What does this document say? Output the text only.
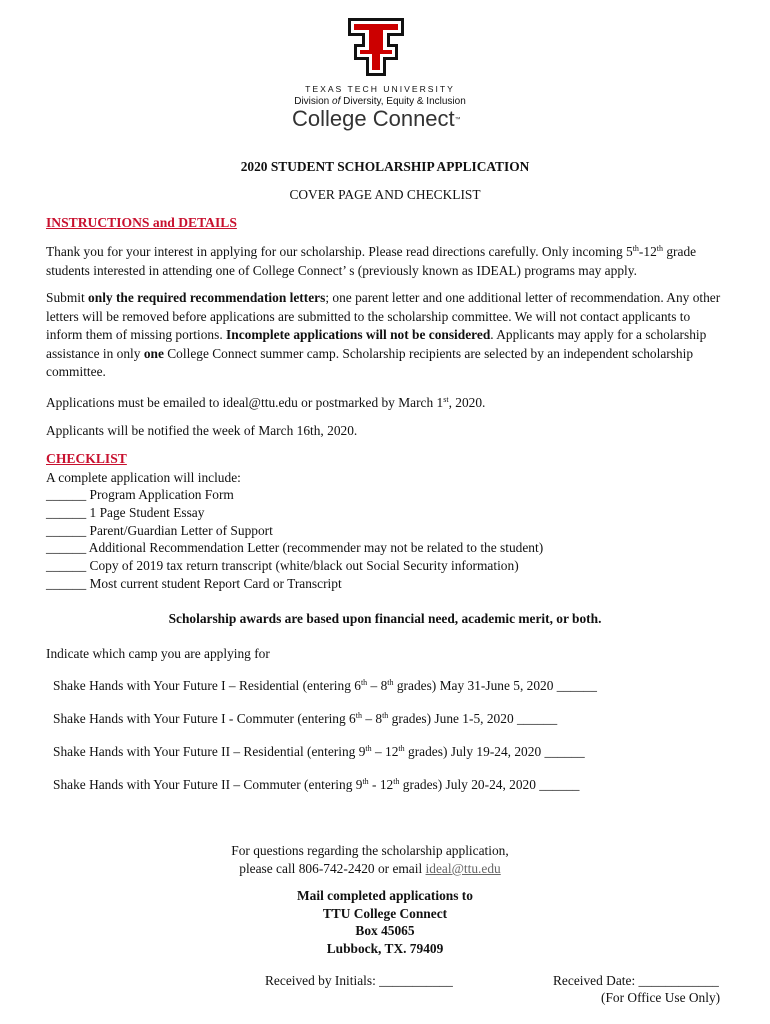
TEXAS TECH UNIVERSITY
Division of Diversity, Equity & Inclusion
College Connect™
2020 STUDENT SCHOLARSHIP APPLICATION
COVER PAGE AND CHECKLIST
INSTRUCTIONS and DETAILS

Thank you for your interest in applying for our scholarship. Please read directions carefully. Only incoming 5th-12th grade students interested in attending one of College Connect’ s (previously known as IDEAL) programs may apply.

Submit only the required recommendation letters; one parent letter and one additional letter of recommendation. Any other letters will be removed before applications are submitted to the scholarship committee. We will not contact applicants to inform them of missing portions. Incomplete applications will not be considered. Applicants may apply for a scholarship assistance in only one College Connect summer camp. Scholarship recipients are selected by an independent scholarship committee.

Applications must be emailed to ideal@ttu.edu or postmarked by March 1st, 2020.

Applicants will be notified the week of March 16th, 2020.

CHECKLIST
A complete application will include:
______ Program Application Form
______ 1 Page Student Essay
______ Parent/Guardian Letter of Support
______ Additional Recommendation Letter (recommender may not be related to the student)
______ Copy of 2019 tax return transcript (white/black out Social Security information)
______ Most current student Report Card or Transcript
Scholarship awards are based upon financial need, academic merit, or both.
Indicate which camp you are applying for
Shake Hands with Your Future I – Residential (entering 6th – 8th grades) May 31-June 5, 2020 ______
Shake Hands with Your Future I - Commuter (entering 6th – 8th grades) June 1-5, 2020 ______
Shake Hands with Your Future II – Residential (entering 9th – 12th grades) July 19-24, 2020 ______
Shake Hands with Your Future II – Commuter (entering 9th - 12th grades) July 20-24, 2020 ______
For questions regarding the scholarship application,
please call 806-742-2420 or email ideal@ttu.edu
Mail completed applications to
TTU College Connect
Box 45065
Lubbock, TX. 79409
Received by Initials: ___________	Received Date: ____________
(For Office Use Only)
